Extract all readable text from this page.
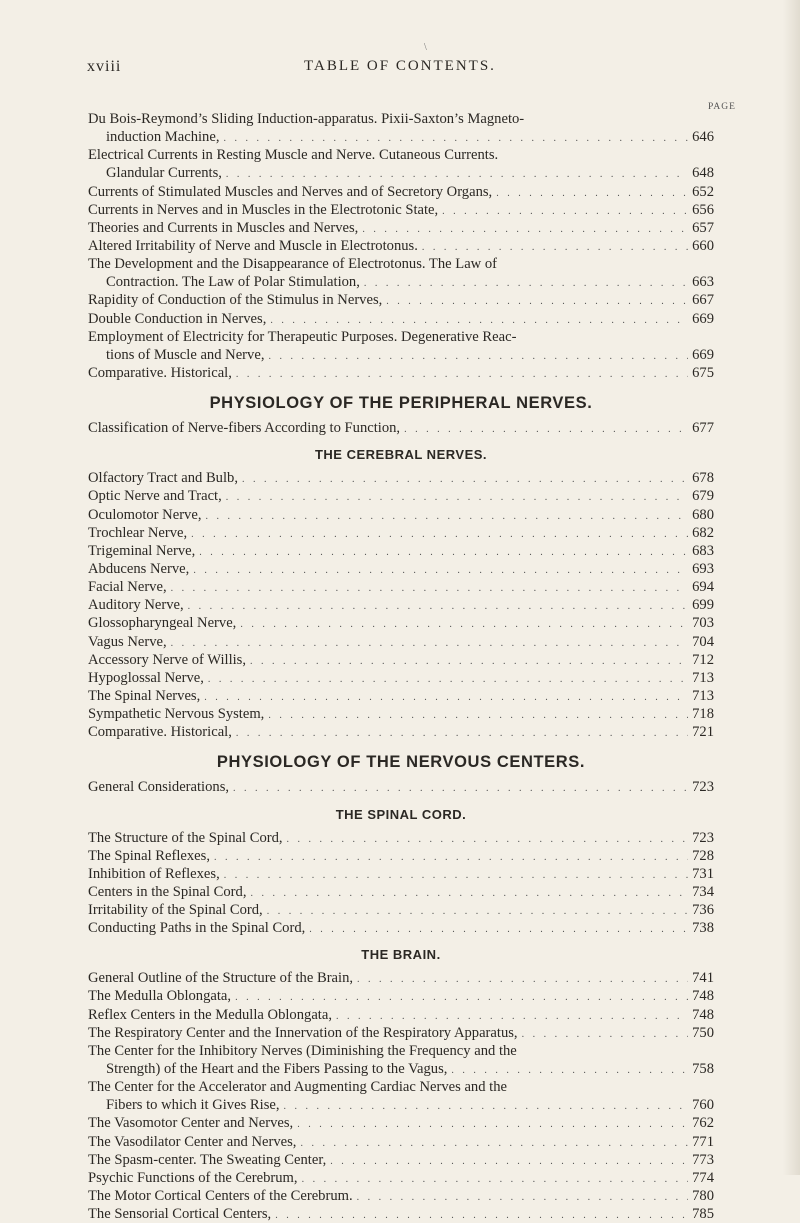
\
xviii	TABLE OF CONTENTS.
PAGE
Du Bois-Reymond’s Sliding Induction-apparatus. Pixii-Saxton’s Magneto-
induction Machine, . . .	646
Electrical Currents in Resting Muscle and Nerve. Cutaneous Currents.
Glandular Currents, . . .	648
Currents of Stimulated Muscles and Nerves and of Secretory Organs, . . .	652
Currents in Nerves and in Muscles in the Electrotonic State, . . .	656
Theories and Currents in Muscles and Nerves, . . .	657
Altered Irritability of Nerve and Muscle in Electrotonus. . . .	660
The Development and the Disappearance of Electrotonus. The Law of
Contraction. The Law of Polar Stimulation, . . .	663
Rapidity of Conduction of the Stimulus in Nerves, . . .	667
Double Conduction in Nerves, . . .	669
Employment of Electricity for Therapeutic Purposes. Degenerative Reac-
tions of Muscle and Nerve, . . .	669
Comparative. Historical, . . .	675
PHYSIOLOGY OF THE PERIPHERAL NERVES.
Classification of Nerve-fibers According to Function, . . .	677
THE CEREBRAL NERVES.
Olfactory Tract and Bulb, . . .	678
Optic Nerve and Tract, . . .	679
Oculomotor Nerve, . . .	680
Trochlear Nerve, . . .	682
Trigeminal Nerve, . . .	683
Abducens Nerve, . . .	693
Facial Nerve, . . .	694
Auditory Nerve, . . .	699
Glossopharyngeal Nerve, . . .	703
Vagus Nerve, . . .	704
Accessory Nerve of Willis, . . .	712
Hypoglossal Nerve, . . .	713
The Spinal Nerves, . . .	713
Sympathetic Nervous System, . . .	718
Comparative. Historical, . . .	721
PHYSIOLOGY OF THE NERVOUS CENTERS.
General Considerations, . . .	723
THE SPINAL CORD.
The Structure of the Spinal Cord, . . .	723
The Spinal Reflexes, . . .	728
Inhibition of Reflexes, . . .	731
Centers in the Spinal Cord, . . .	734
Irritability of the Spinal Cord, . . .	736
Conducting Paths in the Spinal Cord, . . .	738
THE BRAIN.
General Outline of the Structure of the Brain, . . .	741
The Medulla Oblongata, . . .	748
Reflex Centers in the Medulla Oblongata, . . .	748
The Respiratory Center and the Innervation of the Respiratory Apparatus, . . .	750
The Center for the Inhibitory Nerves (Diminishing the Frequency and the
Strength) of the Heart and the Fibers Passing to the Vagus, . . .	758
The Center for the Accelerator and Augmenting Cardiac Nerves and the
Fibers to which it Gives Rise, . . .	760
The Vasomotor Center and Nerves, . . .	762
The Vasodilator Center and Nerves, . . .	771
The Spasm-center. The Sweating Center, . . .	773
Psychic Functions of the Cerebrum, . . .	774
The Motor Cortical Centers of the Cerebrum. . . .	780
The Sensorial Cortical Centers, . . .	785
